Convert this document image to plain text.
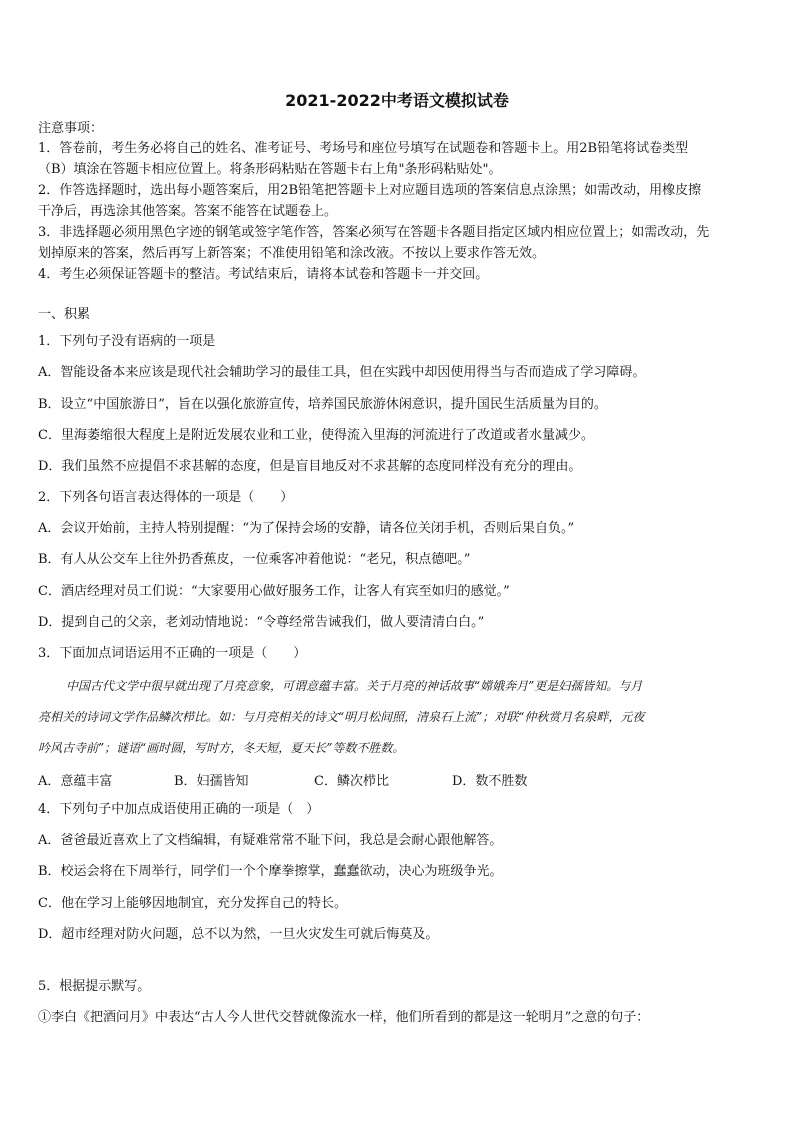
2021-2022中考语文模拟试卷
注意事项：
1．答卷前，考生务必将自己的姓名、准考证号、考场号和座位号填写在试题卷和答题卡上。用2B铅笔将试卷类型
（B）填涂在答题卡相应位置上。将条形码粘贴在答题卡右上角"条形码粘贴处"。
2．作答选择题时，选出每小题答案后，用2B铅笔把答题卡上对应题目选项的答案信息点涂黑；如需改动，用橡皮擦
干净后，再选涂其他答案。答案不能答在试题卷上。
3．非选择题必须用黑色字迹的钢笔或签字笔作答，答案必须写在答题卡各题目指定区域内相应位置上；如需改动，先
划掉原来的答案，然后再写上新答案；不准使用铅笔和涂改液。不按以上要求作答无效。
4．考生必须保证答题卡的整洁。考试结束后，请将本试卷和答题卡一并交回。
一、积累
1．下列句子没有语病的一项是
A．智能设备本来应该是现代社会辅助学习的最佳工具，但在实践中却因使用得当与否而造成了学习障碍。
B．设立“中国旅游日”，旨在以强化旅游宣传，培养国民旅游休闲意识，提升国民生活质量为目的。
C．里海萎缩很大程度上是附近发展农业和工业，使得流入里海的河流进行了改道或者水量减少。
D．我们虽然不应提倡不求甚解的态度，但是盲目地反对不求甚解的态度同样没有充分的理由。
2．下列各句语言表达得体的一项是（　　）
A．会议开始前，主持人特别提醒：“为了保持会场的安静，请各位关闭手机，否则后果自负。”
B．有人从公交车上往外扔香蕉皮，一位乘客冲着他说：“老兄，积点德吧。”
C．酒店经理对员工们说：“大家要用心做好服务工作，让客人有宾至如归的感觉。”
D．提到自己的父亲，老刘动情地说：“令尊经常告诫我们，做人要清清白白。”
3．下面加点词语运用不正确的一项是（　　）
中国古代文学中很早就出现了月亮意象，可谓意蕴丰富。关于月亮的神话故事“嫦娥奔月”更是妇孺皆知。与月
亮相关的诗词文学作品鳞次栉比。如：与月亮相关的诗文“明月松间照，清泉石上流”；对联“仲秋赏月名泉畔，元夜
吟风古寺前”；谜语“画时圆，写时方，冬天短，夏天长”等数不胜数。
A．意蕴丰富	B．妇孺皆知	C．鳞次栉比	D．数不胜数
4．下列句子中加点成语使用正确的一项是（　）
A．爸爸最近喜欢上了文档编辑，有疑难常常不耻下问，我总是会耐心跟他解答。
B．校运会将在下周举行，同学们一个个摩拳擦掌，蠢蠢欲动，决心为班级争光。
C．他在学习上能够因地制宜，充分发挥自己的特长。
D．超市经理对防火问题，总不以为然，一旦火灾发生可就后悔莫及。
5．根据提示默写。
①李白《把酒问月》中表达“古人今人世代交替就像流水一样，他们所看到的都是这一轮明月”之意的句子：
